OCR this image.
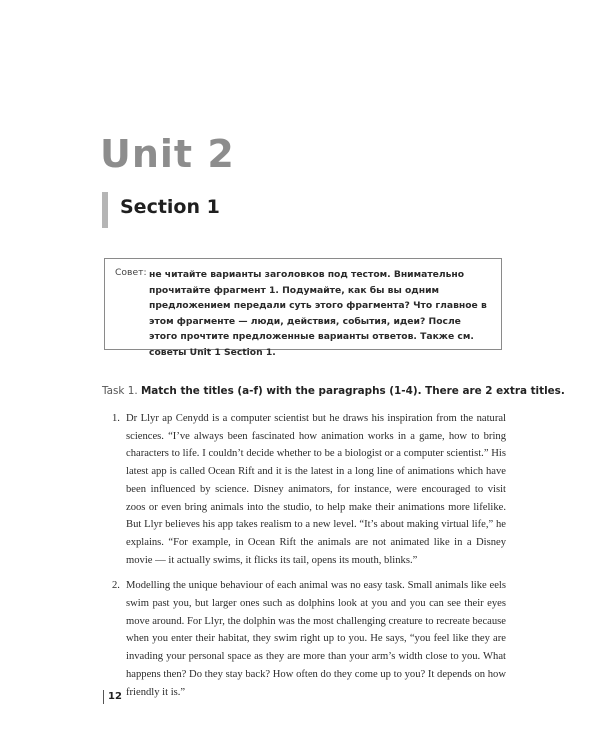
Unit 2
Section 1
Совет: не читайте варианты заголовков под тестом. Внимательно прочитайте фрагмент 1. Подумайте, как бы вы одним предложением передали суть этого фрагмента? Что главное в этом фрагменте — люди, действия, события, идеи? После этого прочтите предложенные варианты ответов. Также см. советы Unit 1 Section 1.

Task 1. Match the titles (a-f) with the paragraphs (1-4). There are 2 extra titles.
1. Dr Llyr ap Cenydd is a computer scientist but he draws his inspiration from the natural sciences. “I’ve always been fascinated how animation works in a game, how to bring characters to life. I couldn’t decide whether to be a biologist or a computer scientist.” His latest app is called Ocean Rift and it is the latest in a long line of animations which have been influenced by science. Disney animators, for instance, were encouraged to visit zoos or even bring animals into the studio, to help make their animations more lifelike. But Llyr believes his app takes realism to a new level. “It’s about making virtual life,” he explains. “For example, in Ocean Rift the animals are not animated like in a Disney movie — it actually swims, it flicks its tail, opens its mouth, blinks.”
2. Modelling the unique behaviour of each animal was no easy task. Small animals like eels swim past you, but larger ones such as dolphins look at you and you can see their eyes move around. For Llyr, the dolphin was the most challenging creature to recreate because when you enter their habitat, they swim right up to you. He says, “you feel like they are invading your personal space as they are more than your arm’s width close to you. What happens then? Do they stay back? How often do they come up to you? It depends on how friendly it is.”
12
